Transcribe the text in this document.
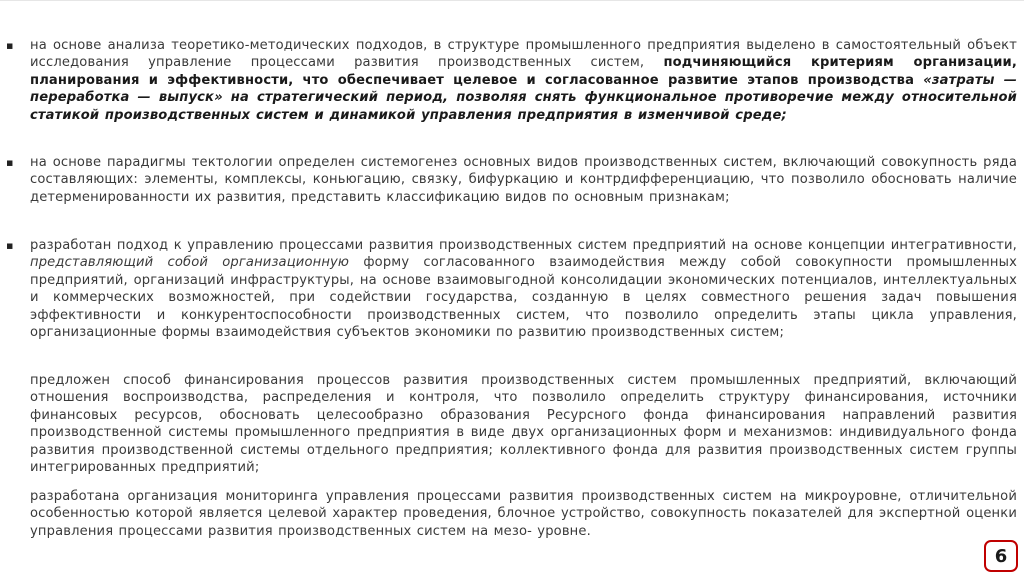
▪ на основе анализа теоретико-методических подходов, в структуре промышленного предприятия выделено в самостоятельный объект исследования управление процессами развития производственных систем, подчиняющийся критериям организации, планирования и эффективности, что обеспечивает целевое и согласованное развитие этапов производства «затраты — переработка — выпуск» на стратегический период, позволяя снять функциональное противоречие между относительной статикой производственных систем и динамикой управления предприятия в изменчивой среде;
▪ на основе парадигмы тектологии определен системогенез основных видов производственных систем, включающий совокупность ряда составляющих: элементы, комплексы, коньюгацию, связку, бифуркацию и контрдифференциацию, что позволило обосновать наличие детерменированности их развития, представить классификацию видов по основным признакам;
▪ разработан подход к управлению процессами развития производственных систем предприятий на основе концепции интегративности, представляющий собой организационную форму согласованного взаимодействия между собой совокупности промышленных предприятий, организаций инфраструктуры, на основе взаимовыгодной консолидации экономических потенциалов, интеллектуальных и коммерческих возможностей, при содействии государства, созданную в целях совместного решения задач повышения эффективности и конкурентоспособности производственных систем, что позволило определить этапы цикла управления, организационные формы взаимодействия субъектов экономики по развитию производственных систем;
предложен способ финансирования процессов развития производственных систем промышленных предприятий, включающий отношения воспроизводства, распределения и контроля, что позволило определить структуру финансирования, источники финансовых ресурсов, обосновать целесообразно образования Ресурсного фонда финансирования направлений развития производственной системы промышленного предприятия в виде двух организационных форм и механизмов: индивидуального фонда развития производственной системы отдельного предприятия; коллективного фонда для развития производственных систем группы интегрированных предприятий;
разработана организация мониторинга управления процессами развития производственных систем на микроуровне, отличительной особенностью которой является целевой характер проведения, блочное устройство, совокупность показателей для экспертной оценки управления процессами развития производственных систем на мезо- уровне.
6
